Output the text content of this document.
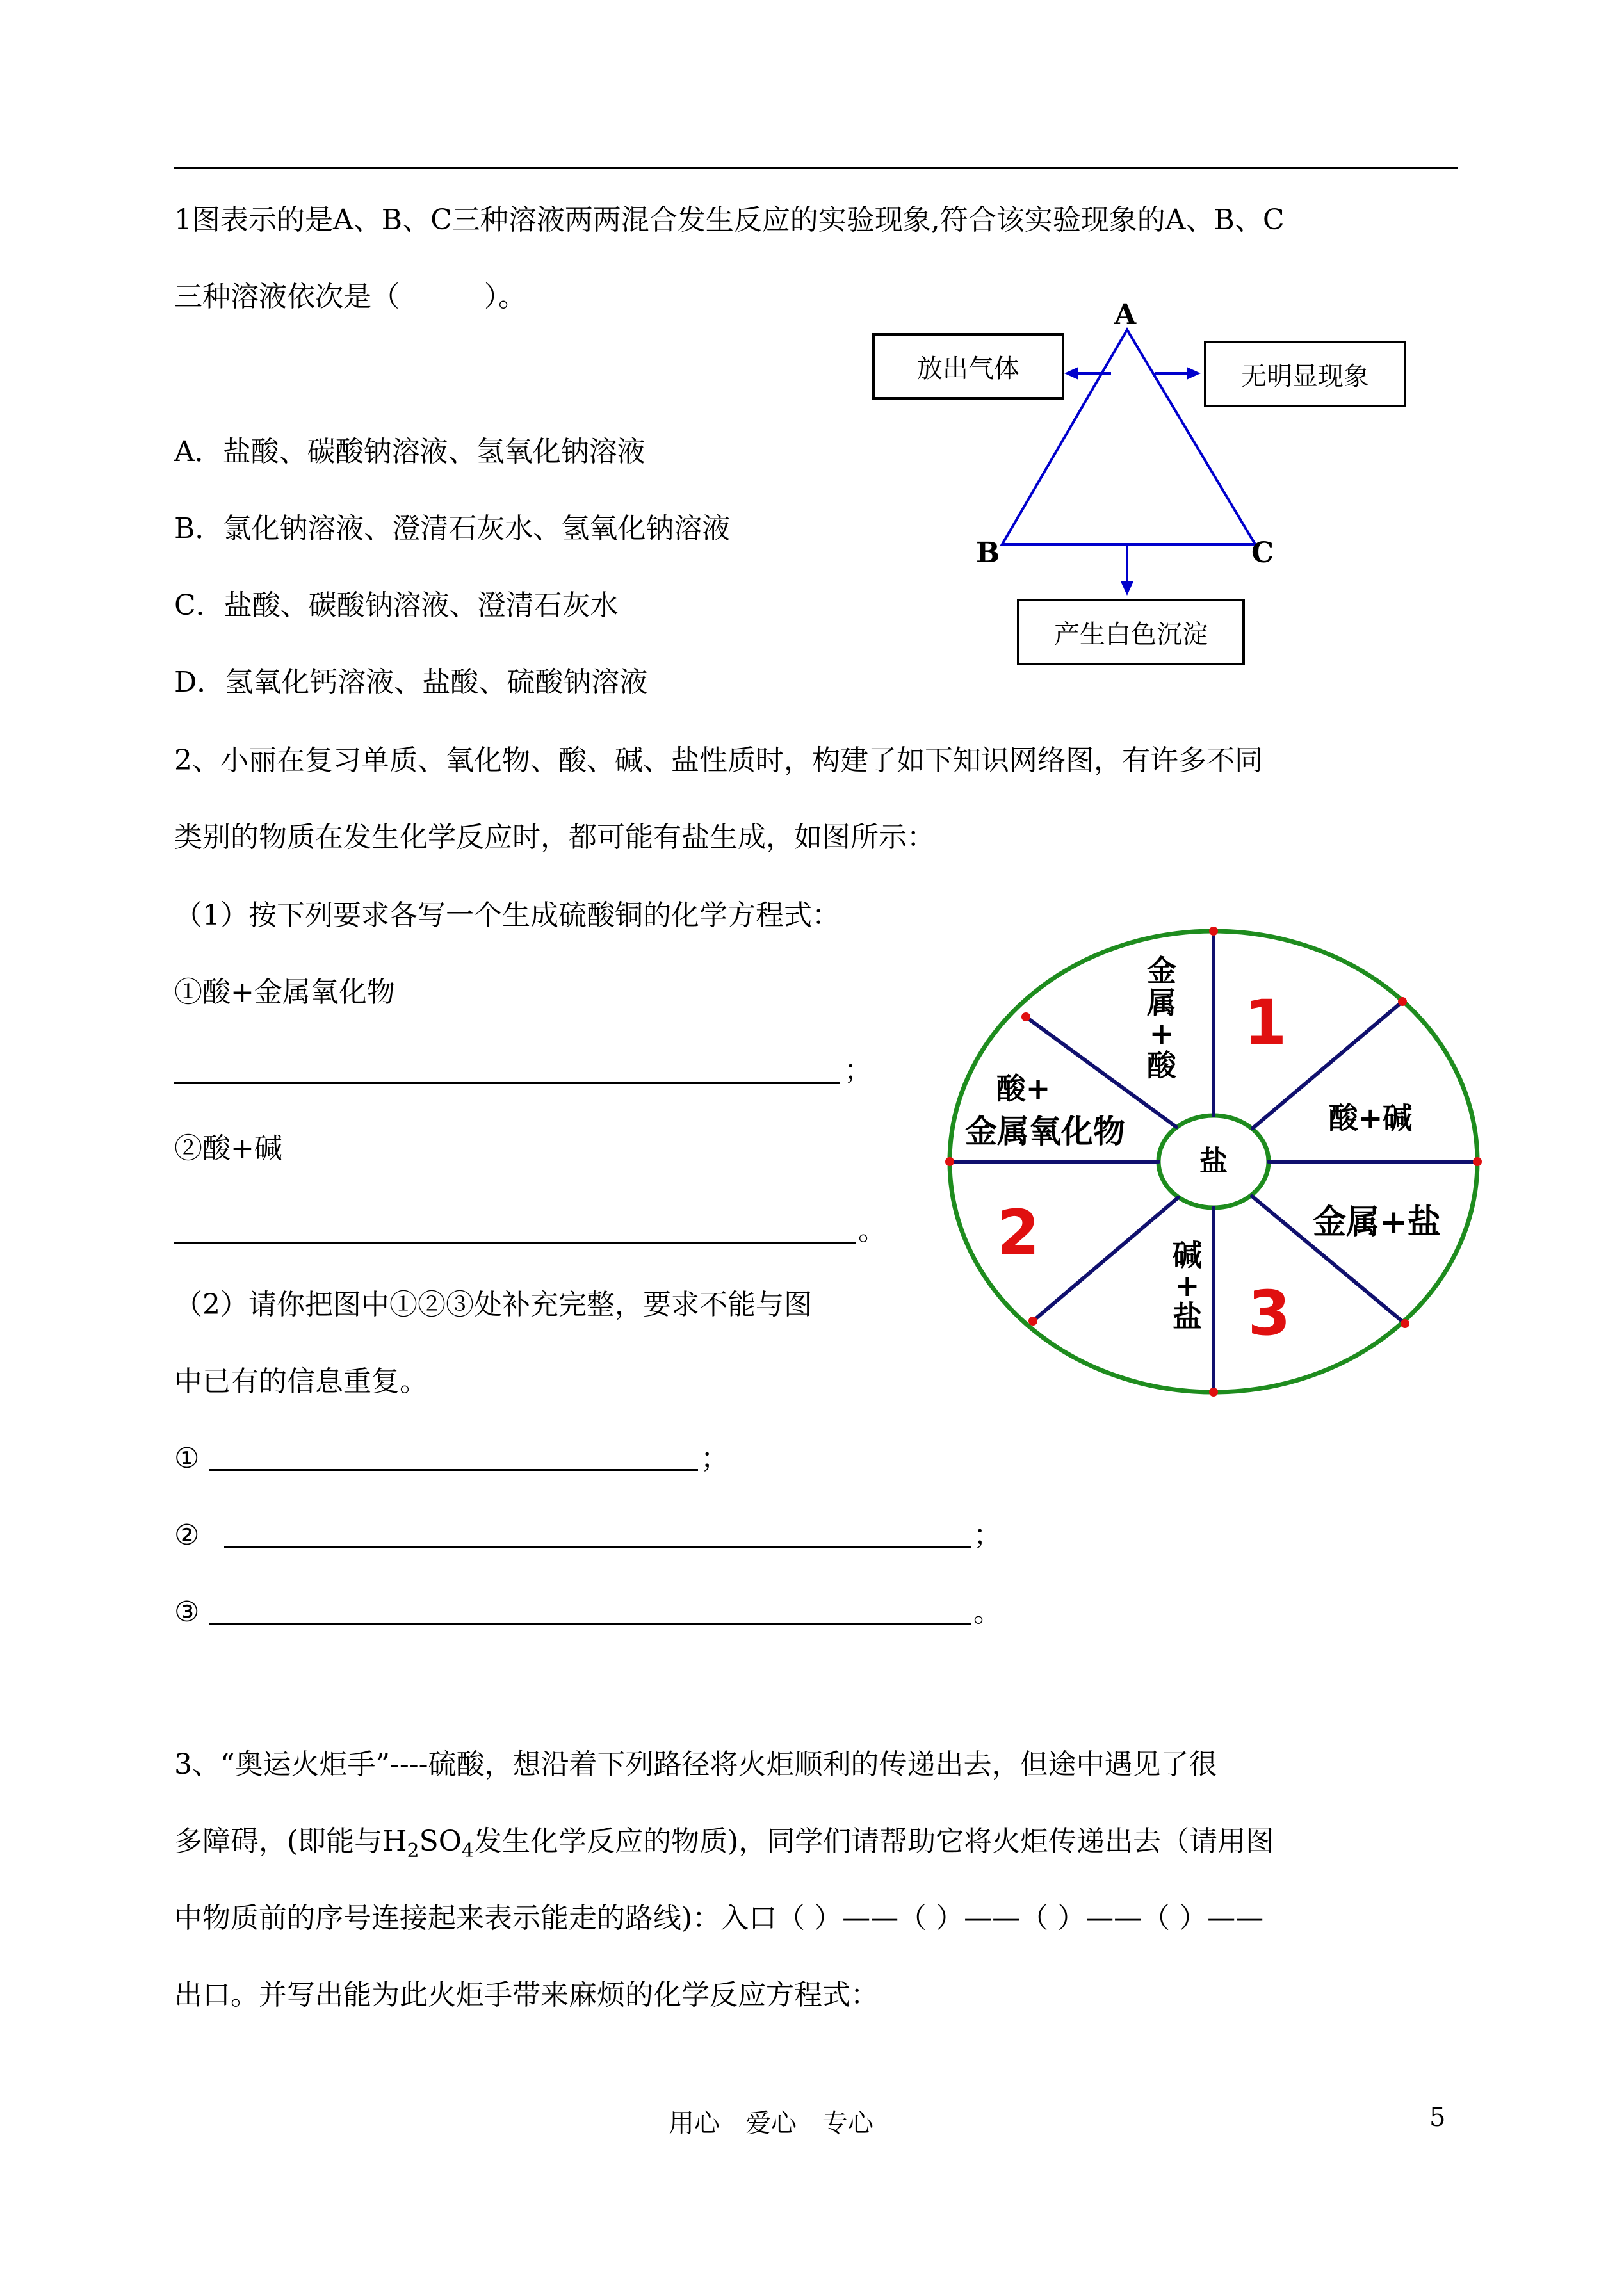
1图表示的是A、B、C三种溶液两两混合发生反应的实验现象,符合该实验现象的A、B、C
三种溶液依次是（　　　）。
A．盐酸、碳酸钠溶液、氢氧化钠溶液
B．氯化钠溶液、澄清石灰水、氢氧化钠溶液
C．盐酸、碳酸钠溶液、澄清石灰水
D．氢氧化钙溶液、盐酸、硫酸钠溶液
A
B	C
放出气体	无明显现象
产生白色沉淀
2、小丽在复习单质、氧化物、酸、碱、盐性质时，构建了如下知识网络图，有许多不同
类别的物质在发生化学反应时，都可能有盐生成，如图所示：
（1）按下列要求各写一个生成硫酸铜的化学方程式：
①酸+金属氧化物
；
②酸+碱
。
（2）请你把图中①②③处补充完整，要求不能与图
中已有的信息重复。
①	；
②	；
③	。
盐
金
属
+
酸
酸+碱
金属+盐
碱
+
盐
酸+
金属氧化物
1
2
3
3、“奥运火炬手”----硫酸，想沿着下列路径将火炬顺利的传递出去，但途中遇见了很
多障碍，(即能与$H_2SO_4$发生化学反应的物质)，同学们请帮助它将火炬传递出去（请用图
中物质前的序号连接起来表示能走的路线)：入口（ ）——（ ）——（ ）——（ ）——
出口。并写出能为此火炬手带来麻烦的化学反应方程式：
用心　爱心　专心	5
